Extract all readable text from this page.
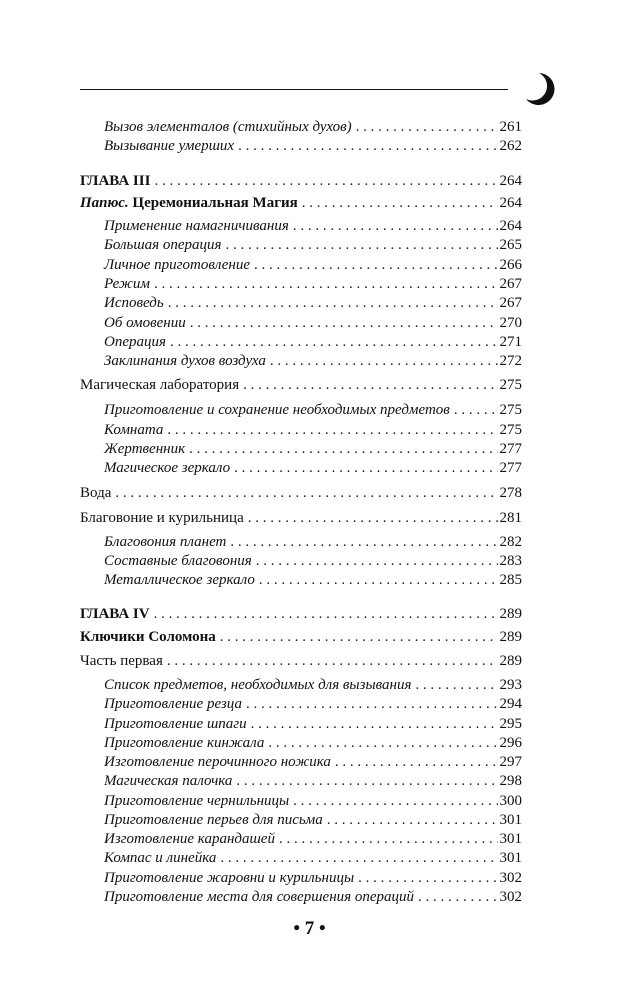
Вызов элементалов (стихийных духов) . . .	261
Вызывание умерших . . .	262
ГЛАВА III . . .	264
Папюс. Церемониальная Магия . . .	264
Применение намагничивания . . .	264
Большая операция . . .	265
Личное приготовление . . .	266
Режим . . .	267
Исповедь . . .	267
Об омовении . . .	270
Операция . . .	271
Заклинания духов воздуха . . .	272
Магическая лаборатория . . .	275
Приготовление и сохранение необходимых предметов . . .	275
Комната . . .	275
Жертвенник . . .	277
Магическое зеркало . . .	277
Вода . . .	278
Благовоние и курильница . . .	281
Благовония планет . . .	282
Составные благовония . . .	283
Металлическое зеркало . . .	285
ГЛАВА IV . . .	289
Ключики Соломона . . .	289
Часть первая . . .	289
Список предметов, необходимых для вызывания . . .	293
Приготовление резца . . .	294
Приготовление шпаги . . .	295
Приготовление кинжала . . .	296
Изготовление перочинного ножика . . .	297
Магическая палочка . . .	298
Приготовление чернильницы . . .	300
Приготовление перьев для письма . . .	301
Изготовление карандашей . . .	301
Компас и линейка . . .	301
Приготовление жаровни и курильницы . . .	302
Приготовление места для совершения операций . . .	302
• 7 •
